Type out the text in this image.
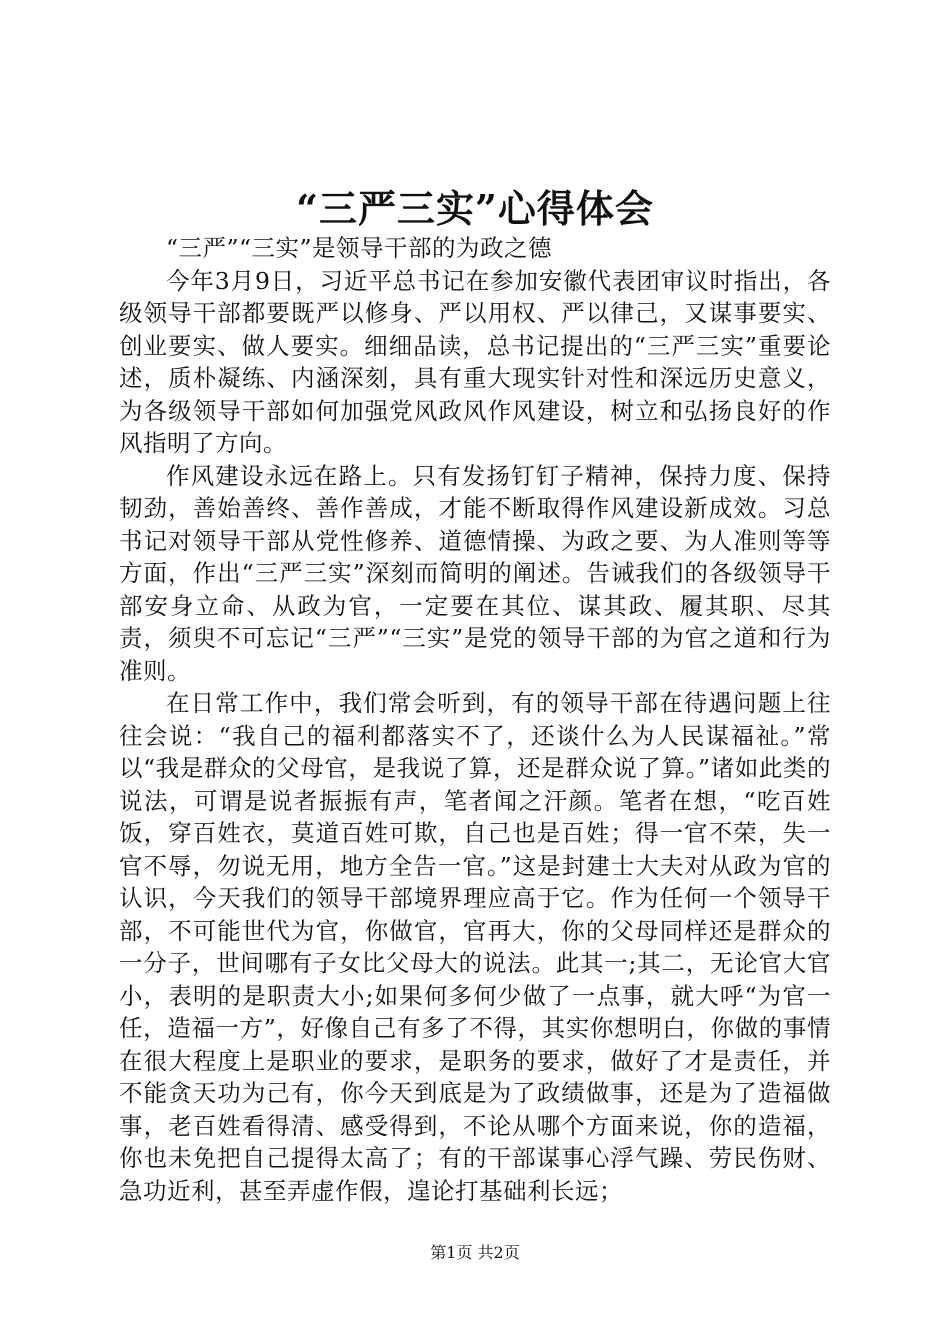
“三严三实”心得体会

“三严”“三实”是领导干部的为政之德

今年3月9日，习近平总书记在参加安徽代表团审议时指出，各级领导干部都要既严以修身、严以用权、严以律己，又谋事要实、创业要实、做人要实。细细品读，总书记提出的“三严三实”重要论述，质朴凝练、内涵深刻，具有重大现实针对性和深远历史意义，为各级领导干部如何加强党风政风作风建设，树立和弘扬良好的作风指明了方向。

作风建设永远在路上。只有发扬钉钉子精神，保持力度、保持韧劲，善始善终、善作善成，才能不断取得作风建设新成效。习总书记对领导干部从党性修养、道德情操、为政之要、为人准则等等方面，作出“三严三实”深刻而简明的阐述。告诫我们的各级领导干部安身立命、从政为官，一定要在其位、谋其政、履其职、尽其责，须臾不可忘记“三严”“三实”是党的领导干部的为官之道和行为准则。

在日常工作中，我们常会听到，有的领导干部在待遇问题上往往会说：“我自己的福利都落实不了，还谈什么为人民谋福祉。”常以“我是群众的父母官，是我说了算，还是群众说了算。”诸如此类的说法，可谓是说者振振有声，笔者闻之汗颜。笔者在想，“吃百姓饭，穿百姓衣，莫道百姓可欺，自己也是百姓；得一官不荣，失一官不辱，勿说无用，地方全告一官。”这是封建士大夫对从政为官的认识，今天我们的领导干部境界理应高于它。作为任何一个领导干部，不可能世代为官，你做官，官再大，你的父母同样还是群众的一分子，世间哪有子女比父母大的说法。此其一;其二，无论官大官小，表明的是职责大小;如果何多何少做了一点事，就大呼“为官一任，造福一方”，好像自己有多了不得，其实你想明白，你做的事情在很大程度上是职业的要求，是职务的要求，做好了才是责任，并不能贪天功为己有，你今天到底是为了政绩做事，还是为了造福做事，老百姓看得清、感受得到，不论从哪个方面来说，你的造福，你也未免把自己提得太高了；有的干部谋事心浮气躁、劳民伤财、急功近利，甚至弄虚作假，遑论打基础利长远；

第1页 共2页
